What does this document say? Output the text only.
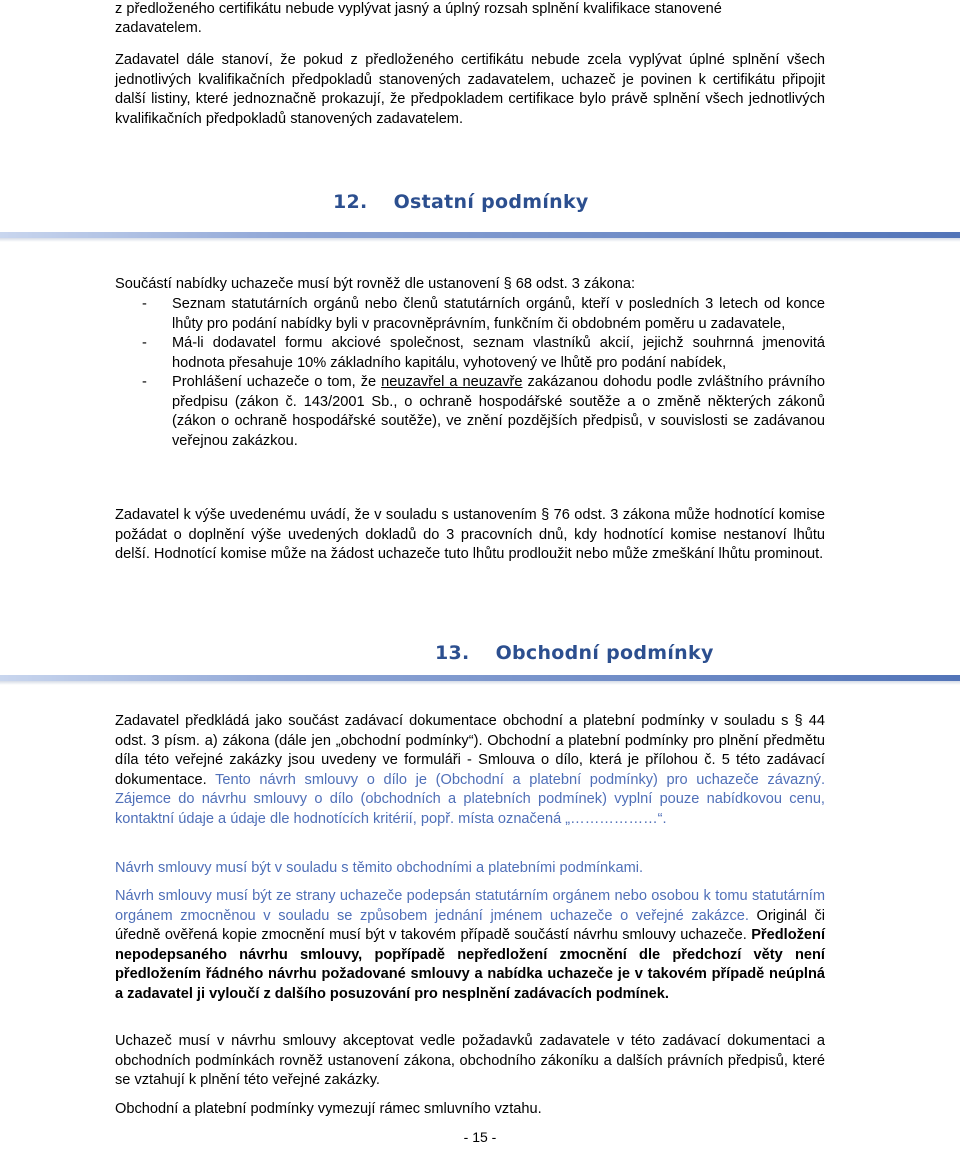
z předloženého certifikátu nebude vyplývat jasný a úplný rozsah splnění kvalifikace stanovené

zadavatelem.

Zadavatel dále stanoví, že pokud z předloženého certifikátu nebude zcela vyplývat úplné splnění všech jednotlivých kvalifikačních předpokladů stanovených zadavatelem, uchazeč je povinen k certifikátu připojit další listiny, které jednoznačně prokazují, že předpokladem certifikace bylo právě splnění všech jednotlivých kvalifikačních předpokladů stanovených zadavatelem.

12. Ostatní podmínky

Součástí nabídky uchazeče musí být rovněž dle ustanovení § 68 odst. 3 zákona:

- Seznam statutárních orgánů nebo členů statutárních orgánů, kteří v posledních 3 letech od konce lhůty pro podání nabídky byli v pracovněprávním, funkčním či obdobném poměru u zadavatele,
- Má-li dodavatel formu akciové společnost, seznam vlastníků akcií, jejichž souhrnná jmenovitá hodnota přesahuje 10% základního kapitálu, vyhotovený ve lhůtě pro podání nabídek,
- Prohlášení uchazeče o tom, že neuzavřel a neuzavře zakázanou dohodu podle zvláštního právního předpisu (zákon č. 143/2001 Sb., o ochraně hospodářské soutěže a o změně některých zákonů (zákon o ochraně hospodářské soutěže), ve znění pozdějších předpisů, v souvislosti se zadávanou veřejnou zakázkou.

Zadavatel k výše uvedenému uvádí, že v souladu s ustanovením § 76 odst. 3 zákona může hodnotící komise požádat o doplnění výše uvedených dokladů do 3 pracovních dnů, kdy hodnotící komise nestanoví lhůtu delší. Hodnotící komise může na žádost uchazeče tuto lhůtu prodloužit nebo může zmeškání lhůtu prominout.

13. Obchodní podmínky

Zadavatel předkládá jako součást zadávací dokumentace obchodní a platební podmínky v souladu s § 44 odst. 3 písm. a) zákona (dále jen „obchodní podmínky“). Obchodní a platební podmínky pro plnění předmětu díla této veřejné zakázky jsou uvedeny ve formuláři - Smlouva o dílo, která je přílohou č. 5 této zadávací dokumentace. Tento návrh smlouvy o dílo je (Obchodní a platební podmínky) pro uchazeče závazný. Zájemce do návrhu smlouvy o dílo (obchodních a platebních podmínek) vyplní pouze nabídkovou cenu, kontaktní údaje a údaje dle hodnotících kritérií, popř. místa označená „………………“.

Návrh smlouvy musí být v souladu s těmito obchodními a platebními podmínkami.

Návrh smlouvy musí být ze strany uchazeče podepsán statutárním orgánem nebo osobou k tomu statutárním orgánem zmocněnou v souladu se způsobem jednání jménem uchazeče o veřejné zakázce. Originál či úředně ověřená kopie zmocnění musí být v takovém případě součástí návrhu smlouvy uchazeče. Předložení nepodepsaného návrhu smlouvy, popřípadě nepředložení zmocnění dle předchozí věty není předložením řádného návrhu požadované smlouvy a nabídka uchazeče je v takovém případě neúplná a zadavatel ji vyloučí z dalšího posuzování pro nesplnění zadávacích podmínek.

Uchazeč musí v návrhu smlouvy akceptovat vedle požadavků zadavatele v této zadávací dokumentaci a obchodních podmínkách rovněž ustanovení zákona, obchodního zákoníku a dalších právních předpisů, které se vztahují k plnění této veřejné zakázky.

Obchodní a platební podmínky vymezují rámec smluvního vztahu.

- 15 -
